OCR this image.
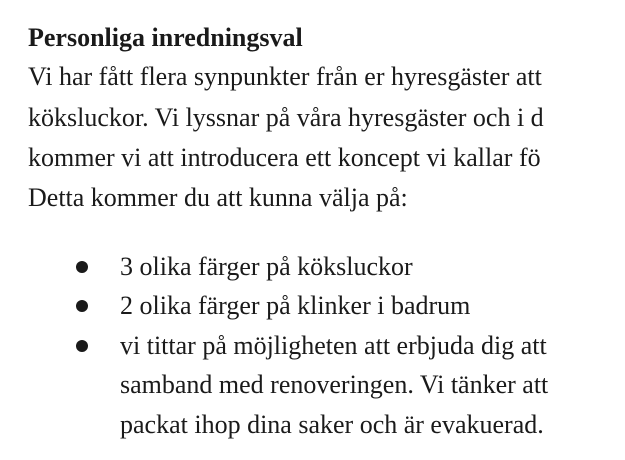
Personliga inredningsval
Vi har fått flera synpunkter från er hyresgäster att
köksluckor. Vi lyssnar på våra hyresgäster och i d
kommer vi att introducera ett koncept vi kallar fö
Detta kommer du att kunna välja på:
3 olika färger på köksluckor
2 olika färger på klinker i badrum
vi tittar på möjligheten att erbjuda dig att
samband med renoveringen. Vi tänker att
packat ihop dina saker och är evakuerad.
